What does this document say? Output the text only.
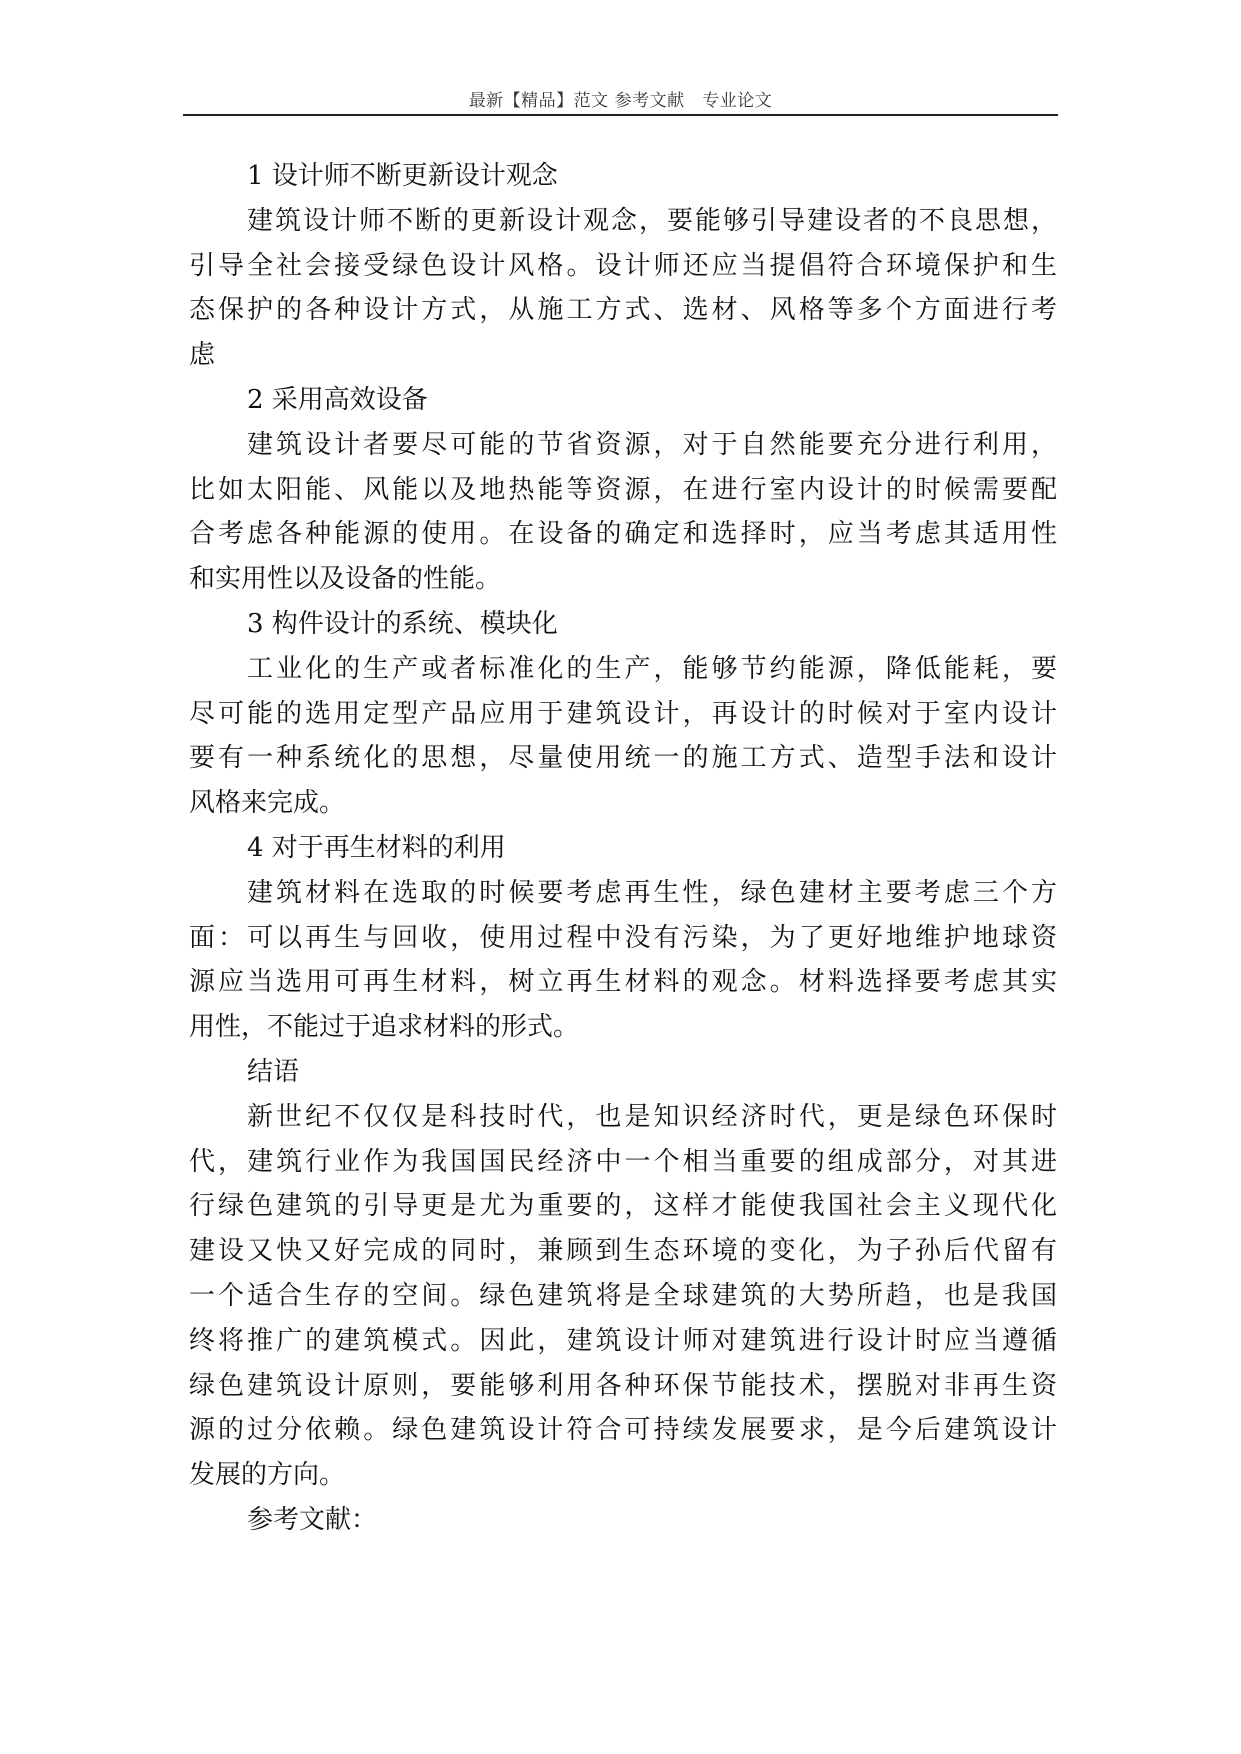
最新【精品】范文 参考文献   专业论文
1 设计师不断更新设计观念
建筑设计师不断的更新设计观念，要能够引导建设者的不良思想，
引导全社会接受绿色设计风格。设计师还应当提倡符合环境保护和生
态保护的各种设计方式，从施工方式、选材、风格等多个方面进行考
虑
2 采用高效设备
建筑设计者要尽可能的节省资源，对于自然能要充分进行利用，
比如太阳能、风能以及地热能等资源，在进行室内设计的时候需要配
合考虑各种能源的使用。在设备的确定和选择时，应当考虑其适用性
和实用性以及设备的性能。
3 构件设计的系统、模块化
工业化的生产或者标准化的生产，能够节约能源，降低能耗，要
尽可能的选用定型产品应用于建筑设计，再设计的时候对于室内设计
要有一种系统化的思想，尽量使用统一的施工方式、造型手法和设计
风格来完成。
4 对于再生材料的利用
建筑材料在选取的时候要考虑再生性，绿色建材主要考虑三个方
面：可以再生与回收，使用过程中没有污染，为了更好地维护地球资
源应当选用可再生材料，树立再生材料的观念。材料选择要考虑其实
用性，不能过于追求材料的形式。
结语
新世纪不仅仅是科技时代，也是知识经济时代，更是绿色环保时
代，建筑行业作为我国国民经济中一个相当重要的组成部分，对其进
行绿色建筑的引导更是尤为重要的，这样才能使我国社会主义现代化
建设又快又好完成的同时，兼顾到生态环境的变化，为子孙后代留有
一个适合生存的空间。绿色建筑将是全球建筑的大势所趋，也是我国
终将推广的建筑模式。因此，建筑设计师对建筑进行设计时应当遵循
绿色建筑设计原则，要能够利用各种环保节能技术，摆脱对非再生资
源的过分依赖。绿色建筑设计符合可持续发展要求，是今后建筑设计
发展的方向。
参考文献：
